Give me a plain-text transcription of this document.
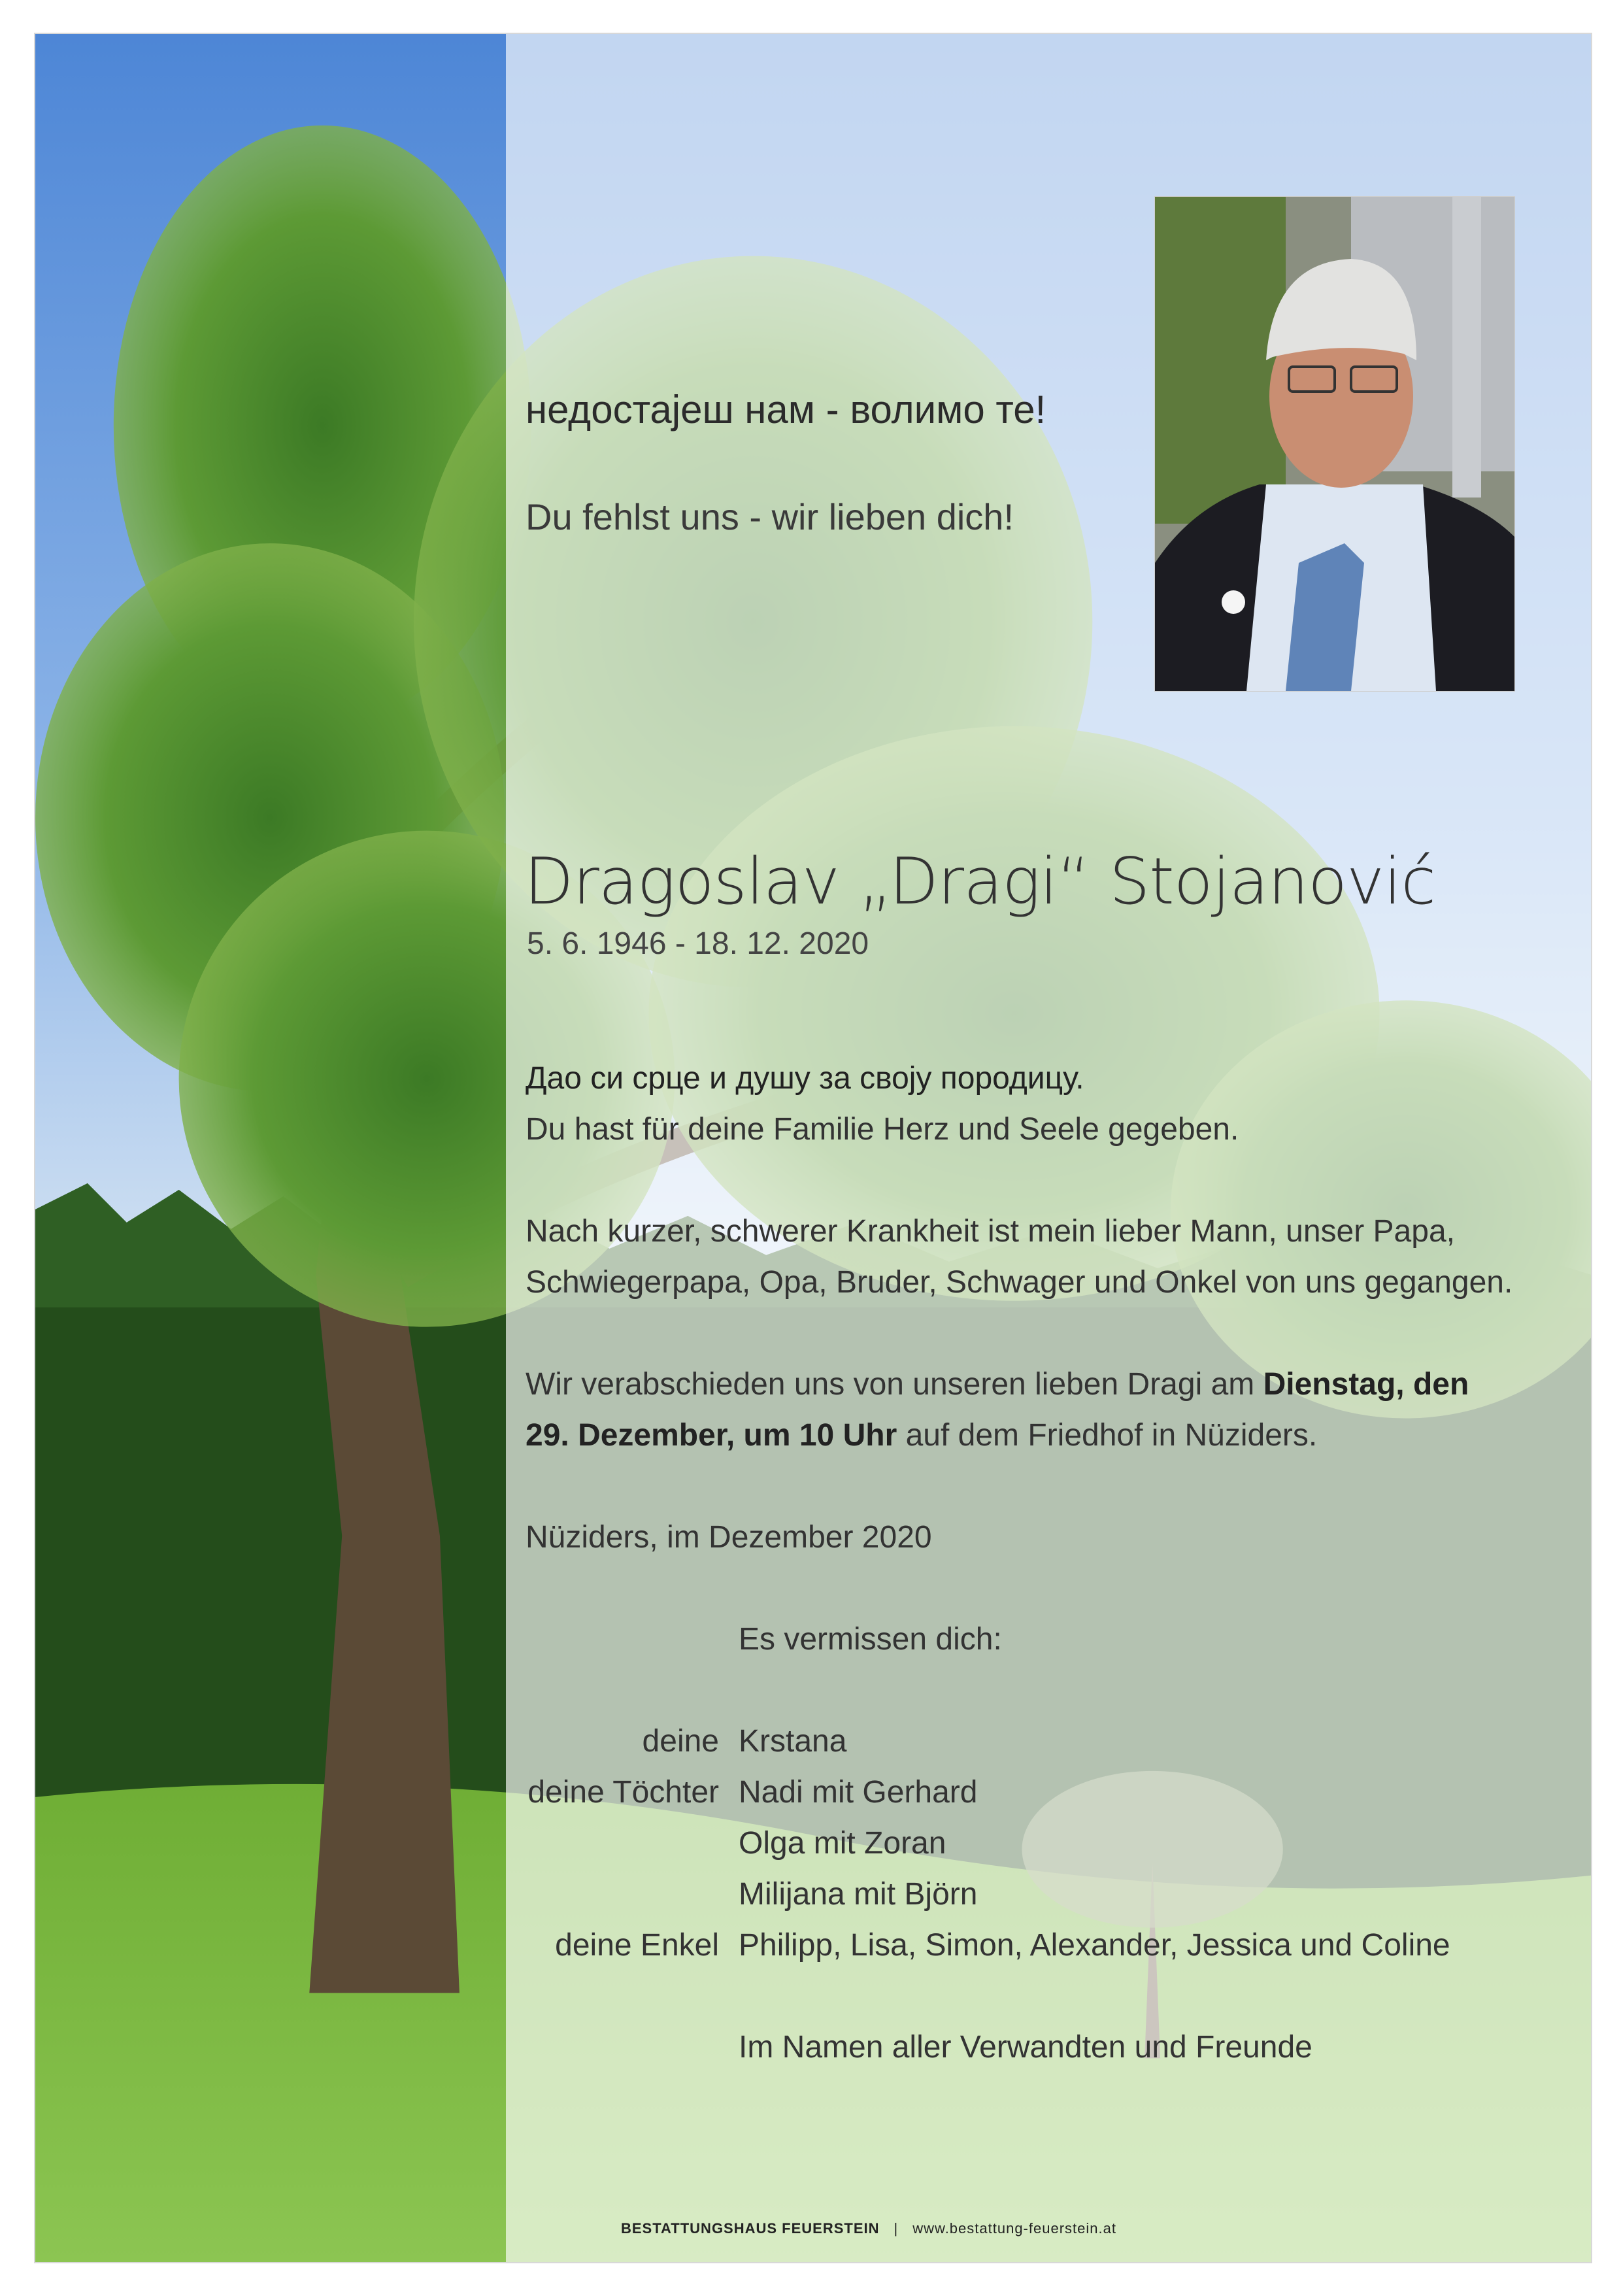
недостајеш нам - волимо те!
Du fehlst uns - wir lieben dich!
Dragoslav „Dragi“ Stojanović
5. 6. 1946 - 18. 12. 2020
Дао си срце и душу за своју породицу.
Du hast für deine Familie Herz und Seele gegeben.
Nach kurzer, schwerer Krankheit ist mein lieber Mann, unser Papa,
Schwiegerpapa, Opa, Bruder, Schwager und Onkel von uns gegangen.
Wir verabschieden uns von unseren lieben Dragi am Dienstag, den
29. Dezember, um 10 Uhr auf dem Friedhof in Nüziders.
Nüziders, im Dezember 2020
Es vermissen dich:
deine Krstana
deine Töchter Nadi mit Gerhard
Olga mit Zoran
Milijana mit Björn
deine Enkel Philipp, Lisa, Simon, Alexander, Jessica und Coline
Im Namen aller Verwandten und Freunde
BESTATTUNGSHAUS FEUERSTEIN | www.bestattung-feuerstein.at
